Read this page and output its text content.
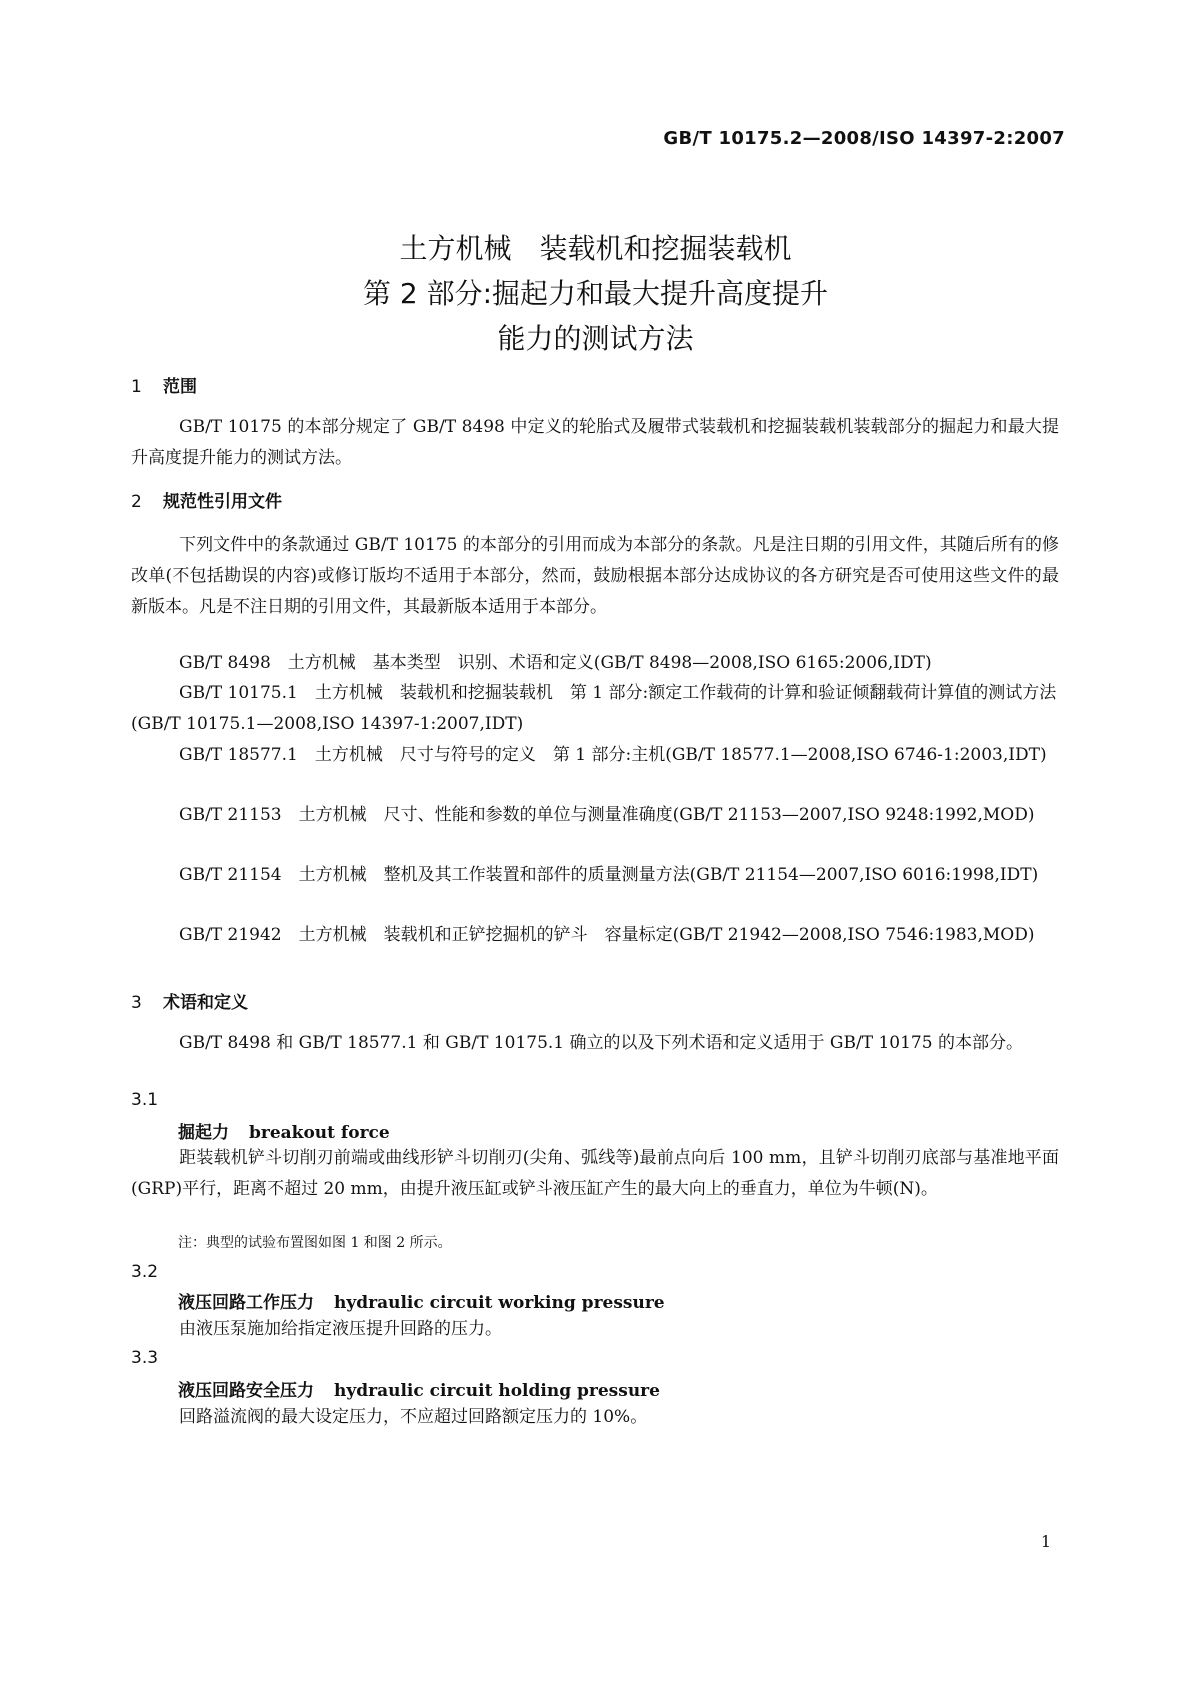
GB/T 10175.2—2008/ISO 14397-2:2007
土方机械　装载机和挖掘装载机
第 2 部分:掘起力和最大提升高度提升
能力的测试方法
1 范围
GB/T 10175 的本部分规定了 GB/T 8498 中定义的轮胎式及履带式装载机和挖掘装载机装载部分的掘起力和最大提升高度提升能力的测试方法。
2 规范性引用文件
下列文件中的条款通过 GB/T 10175 的本部分的引用而成为本部分的条款。凡是注日期的引用文件，其随后所有的修改单(不包括勘误的内容)或修订版均不适用于本部分，然而，鼓励根据本部分达成协议的各方研究是否可使用这些文件的最新版本。凡是不注日期的引用文件，其最新版本适用于本部分。
GB/T 8498　土方机械　基本类型　识别、术语和定义(GB/T 8498—2008,ISO 6165:2006,IDT)
GB/T 10175.1　土方机械　装载机和挖掘装载机　第 1 部分:额定工作载荷的计算和验证倾翻载荷计算值的测试方法(GB/T 10175.1—2008,ISO 14397-1:2007,IDT)
GB/T 18577.1　土方机械　尺寸与符号的定义　第 1 部分:主机(GB/T 18577.1—2008,ISO 6746-1:2003,IDT)
GB/T 21153　土方机械　尺寸、性能和参数的单位与测量准确度(GB/T 21153—2007,ISO 9248:1992,MOD)
GB/T 21154　土方机械　整机及其工作装置和部件的质量测量方法(GB/T 21154—2007,ISO 6016:1998,IDT)
GB/T 21942　土方机械　装载机和正铲挖掘机的铲斗　容量标定(GB/T 21942—2008,ISO 7546:1983,MOD)
3 术语和定义
GB/T 8498 和 GB/T 18577.1 和 GB/T 10175.1 确立的以及下列术语和定义适用于 GB/T 10175 的本部分。
3.1
掘起力 breakout force
距装载机铲斗切削刃前端或曲线形铲斗切削刃(尖角、弧线等)最前点向后 100 mm，且铲斗切削刃底部与基准地平面(GRP)平行，距离不超过 20 mm，由提升液压缸或铲斗液压缸产生的最大向上的垂直力，单位为牛顿(N)。
注：典型的试验布置图如图 1 和图 2 所示。
3.2
液压回路工作压力 hydraulic circuit working pressure
由液压泵施加给指定液压提升回路的压力。
3.3
液压回路安全压力 hydraulic circuit holding pressure
回路溢流阀的最大设定压力，不应超过回路额定压力的 10%。
1
